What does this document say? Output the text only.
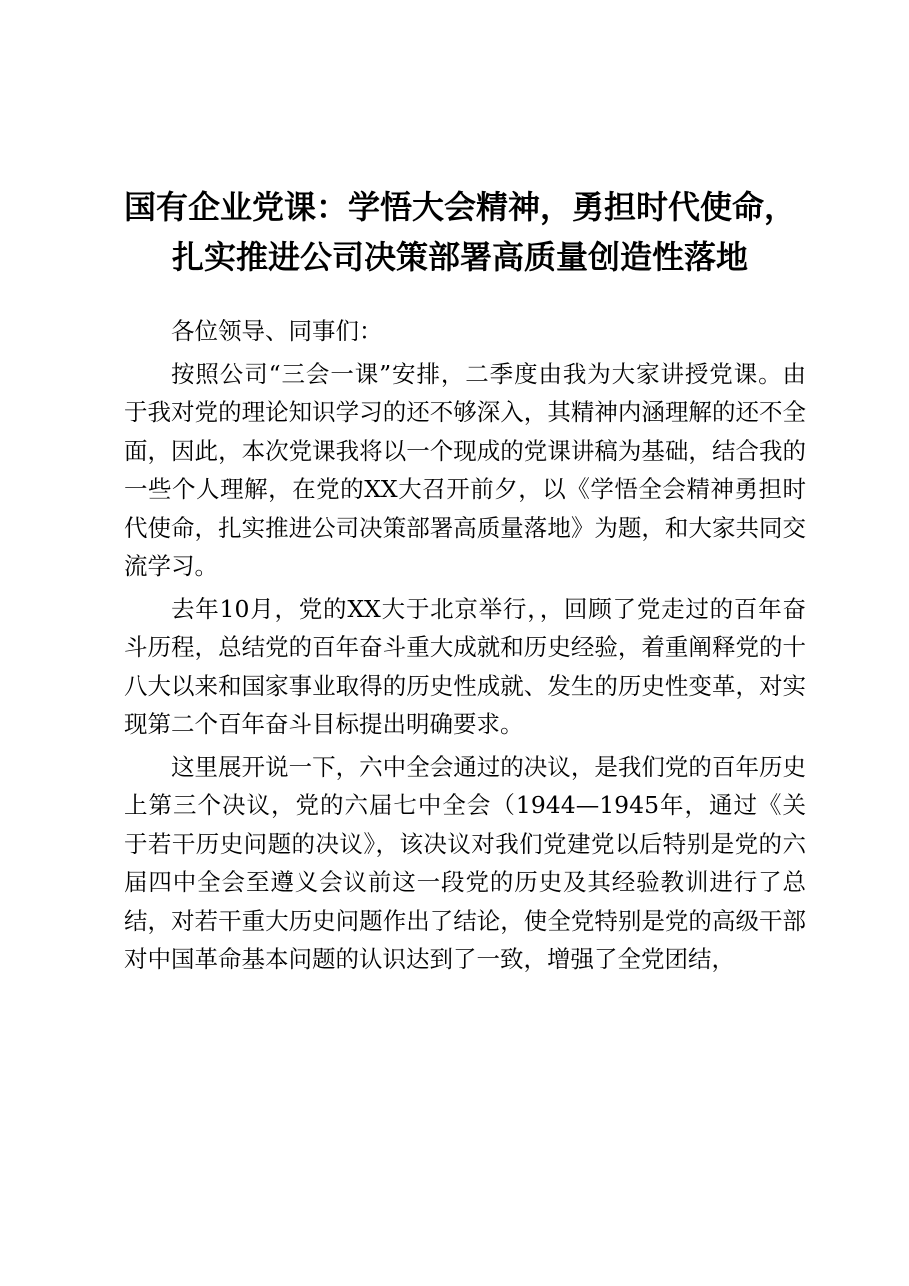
国有企业党课：学悟大会精神，勇担时代使命，
扎实推进公司决策部署高质量创造性落地

各位领导、同事们：

按照公司“三会一课”安排，二季度由我为大家讲授党课。由于我对党的理论知识学习的还不够深入，其精神内涵理解的还不全面，因此，本次党课我将以一个现成的党课讲稿为基础，结合我的一些个人理解，在党的XX大召开前夕，以《学悟全会精神勇担时代使命，扎实推进公司决策部署高质量落地》为题，和大家共同交流学习。

去年10月，党的XX大于北京举行，，回顾了党走过的百年奋斗历程，总结党的百年奋斗重大成就和历史经验，着重阐释党的十八大以来和国家事业取得的历史性成就、发生的历史性变革，对实现第二个百年奋斗目标提出明确要求。

这里展开说一下，六中全会通过的决议，是我们党的百年历史上第三个决议，党的六届七中全会（1944—1945年，通过《关于若干历史问题的决议》，该决议对我们党建党以后特别是党的六届四中全会至遵义会议前这一段党的历史及其经验教训进行了总结，对若干重大历史问题作出了结论，使全党特别是党的高级干部对中国革命基本问题的认识达到了一致，增强了全党团结，
